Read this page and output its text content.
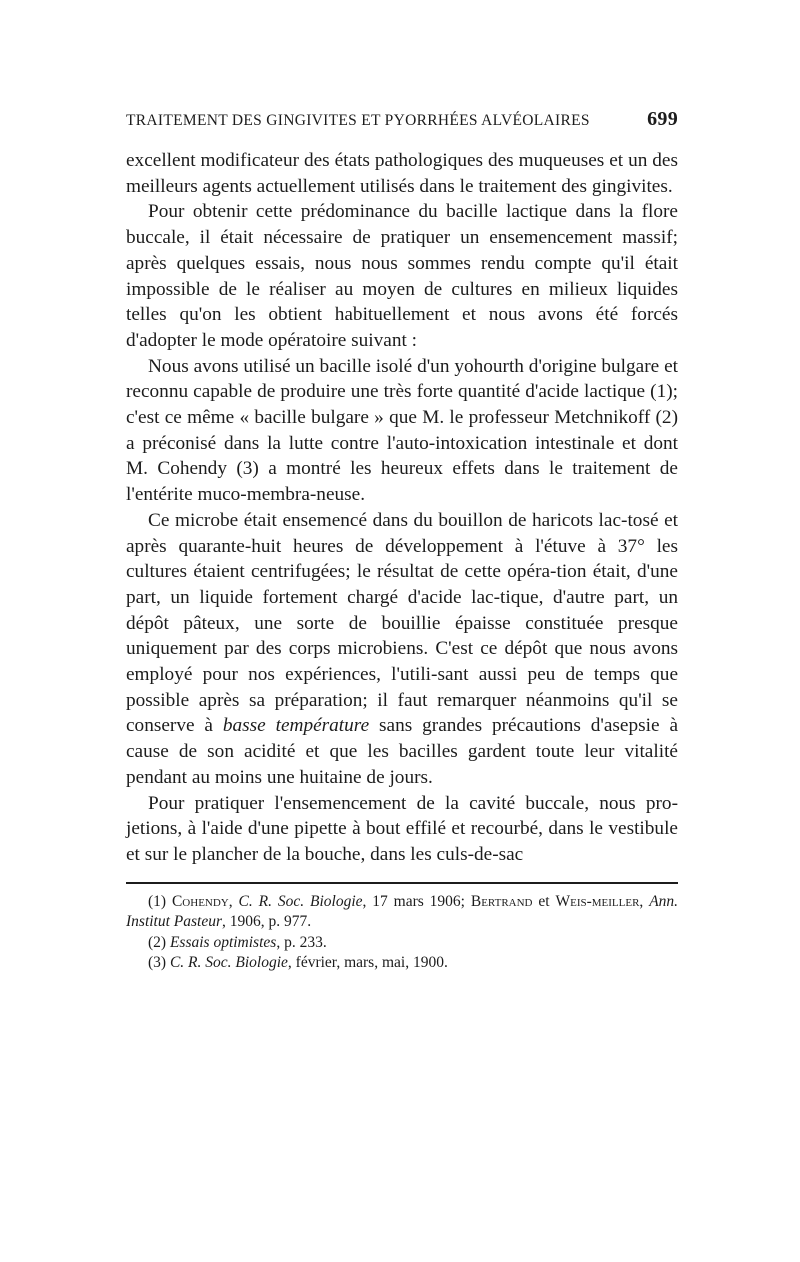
TRAITEMENT DES GINGIVITES ET PYORRHÉES ALVÉOLAIRES	699

excellent modificateur des états pathologiques des muqueuses et un des meilleurs agents actuellement utilisés dans le traitement des gingivites.

Pour obtenir cette prédominance du bacille lactique dans la flore buccale, il était nécessaire de pratiquer un ensemencement massif; après quelques essais, nous nous sommes rendu compte qu'il était impossible de le réaliser au moyen de cultures en milieux liquides telles qu'on les obtient habituellement et nous avons été forcés d'adopter le mode opératoire suivant :

Nous avons utilisé un bacille isolé d'un yohourth d'origine bulgare et reconnu capable de produire une très forte quantité d'acide lactique (1); c'est ce même « bacille bulgare » que M. le professeur Metchnikoff (2) a préconisé dans la lutte contre l'auto-intoxication intestinale et dont M. Cohendy (3) a montré les heureux effets dans le traitement de l'entérite muco-membra-neuse.

Ce microbe était ensemencé dans du bouillon de haricots lac-tosé et après quarante-huit heures de développement à l'étuve à 37° les cultures étaient centrifugées; le résultat de cette opéra-tion était, d'une part, un liquide fortement chargé d'acide lac-tique, d'autre part, un dépôt pâteux, une sorte de bouillie épaisse constituée presque uniquement par des corps microbiens. C'est ce dépôt que nous avons employé pour nos expériences, l'utili-sant aussi peu de temps que possible après sa préparation; il faut remarquer néanmoins qu'il se conserve à basse température sans grandes précautions d'asepsie à cause de son acidité et que les bacilles gardent toute leur vitalité pendant au moins une huitaine de jours.

Pour pratiquer l'ensemencement de la cavité buccale, nous pro-jetions, à l'aide d'une pipette à bout effilé et recourbé, dans le vestibule et sur le plancher de la bouche, dans les culs-de-sac

(1) Cohendy, C. R. Soc. Biologie, 17 mars 1906; Bertrand et Weis-meiller, Ann. Institut Pasteur, 1906, p. 977.

(2) Essais optimistes, p. 233.

(3) C. R. Soc. Biologie, février, mars, mai, 1900.
